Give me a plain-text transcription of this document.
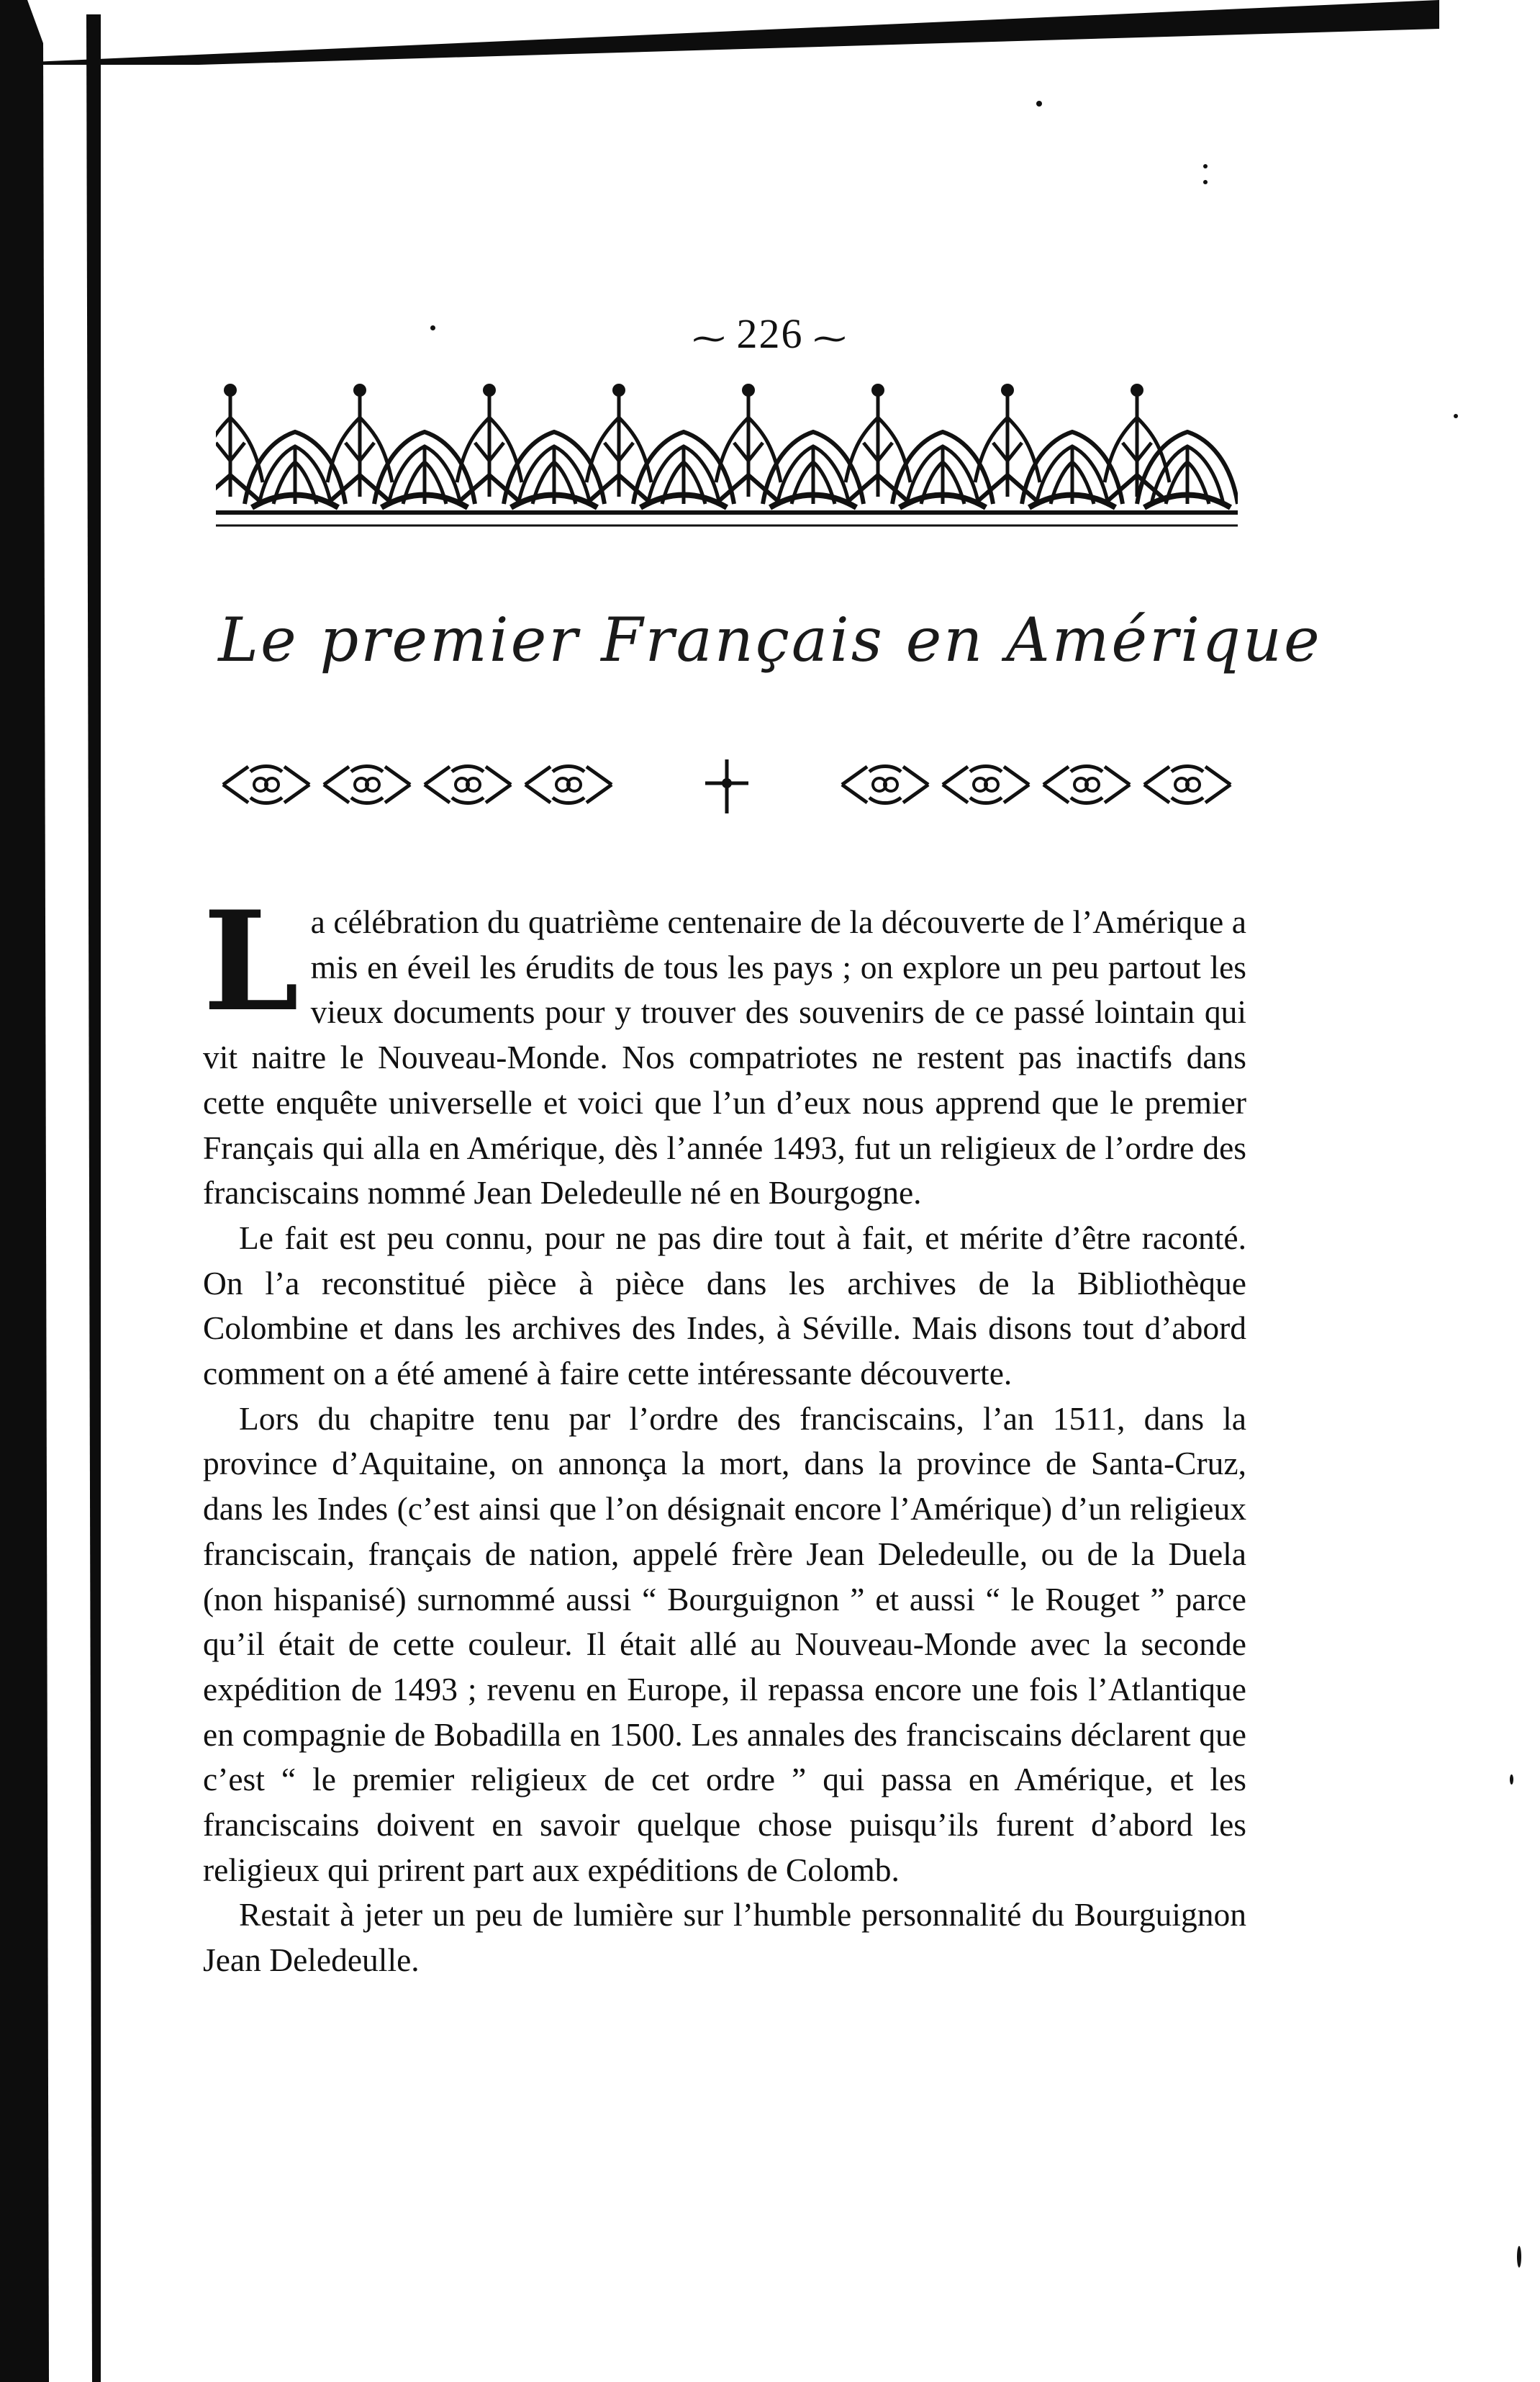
⁓ 226 ⁓
Le premier Français en Amérique

La célébration du quatrième centenaire de la découverte de l’Amérique a mis en éveil les érudits de tous les pays ; on explore un peu partout les vieux documents pour y trouver des souvenirs de ce passé lointain qui vit naitre le Nouveau-Monde. Nos compatriotes ne restent pas inactifs dans cette enquête universelle et voici que l’un d’eux nous apprend que le premier Français qui alla en Amérique, dès l’année 1493, fut un religieux de l’ordre des franciscains nommé Jean Deledeulle né en Bourgogne.

Le fait est peu connu, pour ne pas dire tout à fait, et mérite d’être raconté. On l’a reconstitué pièce à pièce dans les archives de la Bibliothèque Colombine et dans les archives des Indes, à Séville. Mais disons tout d’abord comment on a été amené à faire cette intéressante découverte.

Lors du chapitre tenu par l’ordre des franciscains, l’an 1511, dans la province d’Aquitaine, on annonça la mort, dans la province de Santa-Cruz, dans les Indes (c’est ainsi que l’on désignait encore l’Amérique) d’un religieux franciscain, français de nation, appelé frère Jean Deledeulle, ou de la Duela (non hispanisé) surnommé aussi “ Bourguignon ” et aussi “ le Rouget ” parce qu’il était de cette couleur. Il était allé au Nouveau-Monde avec la seconde expédition de 1493 ; revenu en Europe, il repassa encore une fois l’Atlantique en compagnie de Bobadilla en 1500. Les annales des franciscains déclarent que c’est “ le premier religieux de cet ordre ” qui passa en Amérique, et les franciscains doivent en savoir quelque chose puisqu’ils furent d’abord les religieux qui prirent part aux expéditions de Colomb.

Restait à jeter un peu de lumière sur l’humble personnalité du Bourguignon Jean Deledeulle.
